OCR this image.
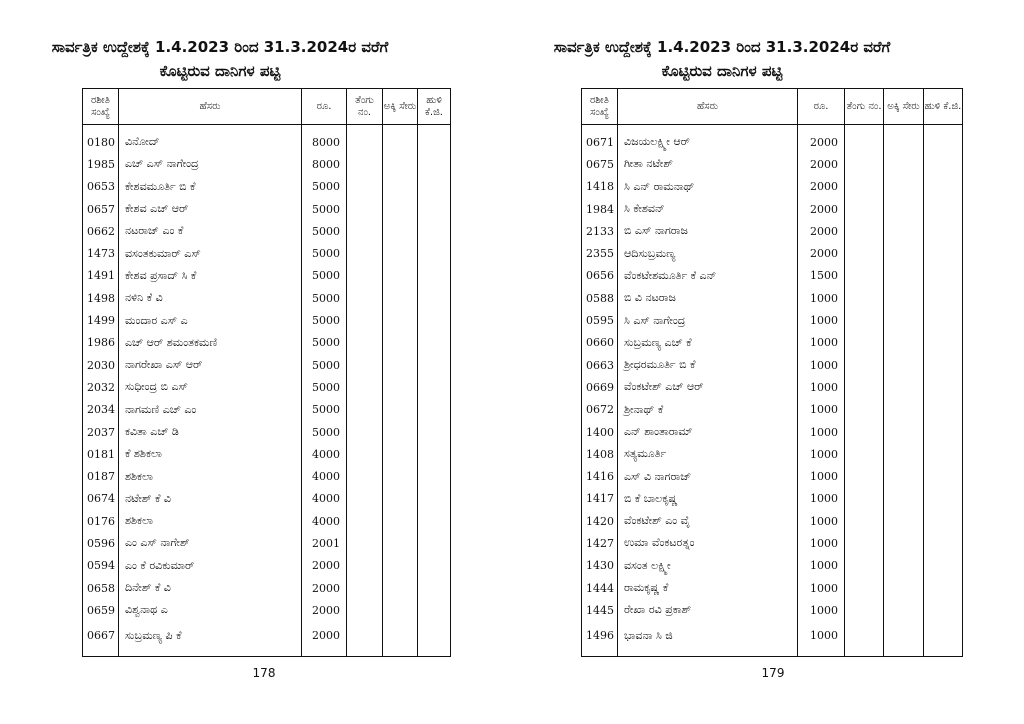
ಸಾರ್ವತ್ರಿಕ ಉದ್ದೇಶಕ್ಕೆ 1.4.2023 ರಿಂದ 31.3.2024ರ ವರೆಗೆ
ಕೊಟ್ಟಿರುವ ದಾನಿಗಳ ಪಟ್ಟಿ
ರಶೀತಿ ಸಂಖ್ಯೆ	ಹೆಸರು	ರೂ.	ತೆಂಗು ನಂ.	ಅಕ್ಕಿ ಸೇರು	ಹುಳಿ ಕೆ.ಜಿ.
0180	ವಿನೋದ್	8000			
1985	ಎಚ್ ಎಸ್ ನಾಗೇಂದ್ರ	8000			
0653	ಕೇಶವಮೂರ್ತಿ ಬಿ ಕೆ	5000			
0657	ಕೇಶವ ಎಚ್ ಆರ್	5000			
0662	ನಟರಾಜ್ ಎಂ ಕೆ	5000			
1473	ವಸಂತಕುಮಾರ್ ಎಸ್	5000			
1491	ಕೇಶವ ಪ್ರಸಾದ್ ಸಿ ಕೆ	5000			
1498	ನಳಿನಿ ಕೆ ವಿ	5000			
1499	ಮಂದಾರ ಎಸ್ ಎ	5000			
1986	ಎಚ್ ಆರ್ ಶಮಂತಕಮಣಿ	5000			
2030	ನಾಗರೇಖಾ ಎಸ್ ಆರ್	5000			
2032	ಸುಧೀಂದ್ರ ಬಿ ಎಸ್	5000			
2034	ನಾಗಮಣಿ ಎಚ್ ಎಂ	5000			
2037	ಕವಿತಾ ಎಚ್ ಡಿ	5000			
0181	ಕೆ ಶಶಿಕಲಾ	4000			
0187	ಶಶಿಕಲಾ	4000			
0674	ನಟೇಶ್ ಕೆ ವಿ	4000			
0176	ಶಶಿಕಲಾ	4000			
0596	ಎಂ ಎಸ್ ನಾಗೇಶ್	2001			
0594	ಎಂ ಕೆ ರವಿಕುಮಾರ್	2000			
0658	ದಿನೇಶ್ ಕೆ ವಿ	2000			
0659	ವಿಶ್ವನಾಥ ಎ	2000			
0667	ಸುಬ್ರಮಣ್ಯ ಪಿ ಕೆ	2000			
178
ಸಾರ್ವತ್ರಿಕ ಉದ್ದೇಶಕ್ಕೆ 1.4.2023 ರಿಂದ 31.3.2024ರ ವರೆಗೆ
ಕೊಟ್ಟಿರುವ ದಾನಿಗಳ ಪಟ್ಟಿ
ರಶೀತಿ ಸಂಖ್ಯೆ	ಹೆಸರು	ರೂ.	ತೆಂಗು ನಂ.	ಅಕ್ಕಿ ಸೇರು	ಹುಳಿ ಕೆ.ಜಿ.
0671	ವಿಜಯಲಕ್ಷ್ಮೀ ಆರ್	2000			
0675	ಗೀತಾ ನಟೇಶ್	2000			
1418	ಸಿ ಎನ್ ರಾಮನಾಥ್	2000			
1984	ಸಿ ಕೇಶವನ್	2000			
2133	ಬಿ ಎಸ್ ನಾಗರಾಜ	2000			
2355	ಆದಿಸುಬ್ರಮಣ್ಯ	2000			
0656	ವೆಂಕಟೇಶಮೂರ್ತಿ ಕೆ ಎನ್	1500			
0588	ಬಿ ವಿ ನಟರಾಜ	1000			
0595	ಸಿ ಎಸ್ ನಾಗೇಂದ್ರ	1000			
0660	ಸುಬ್ರಮಣ್ಯ ಎಚ್ ಕೆ	1000			
0663	ಶ್ರೀಧರಮೂರ್ತಿ ಬಿ ಕೆ	1000			
0669	ವೆಂಕಟೇಶ್ ಎಚ್ ಆರ್	1000			
0672	ಶ್ರೀನಾಥ್ ಕೆ	1000			
1400	ಎನ್ ಶಾಂತಾರಾಮ್	1000			
1408	ಸತ್ಯಮೂರ್ತಿ	1000			
1416	ಎಸ್ ವಿ ನಾಗರಾಜ್	1000			
1417	ಬಿ ಕೆ ಬಾಲಕೃಷ್ಣ	1000			
1420	ವೆಂಕಟೇಶ್ ಎಂ ವೈ	1000			
1427	ಉಮಾ ವೆಂಕಟರತ್ನಂ	1000			
1430	ವಸಂತ ಲಕ್ಷ್ಮೀ	1000			
1444	ರಾಮಕೃಷ್ಣ ಕೆ	1000			
1445	ರೇಖಾ ರವಿ ಪ್ರಕಾಶ್	1000			
1496	ಭಾವನಾ ಸಿ ಜಿ	1000			
179
